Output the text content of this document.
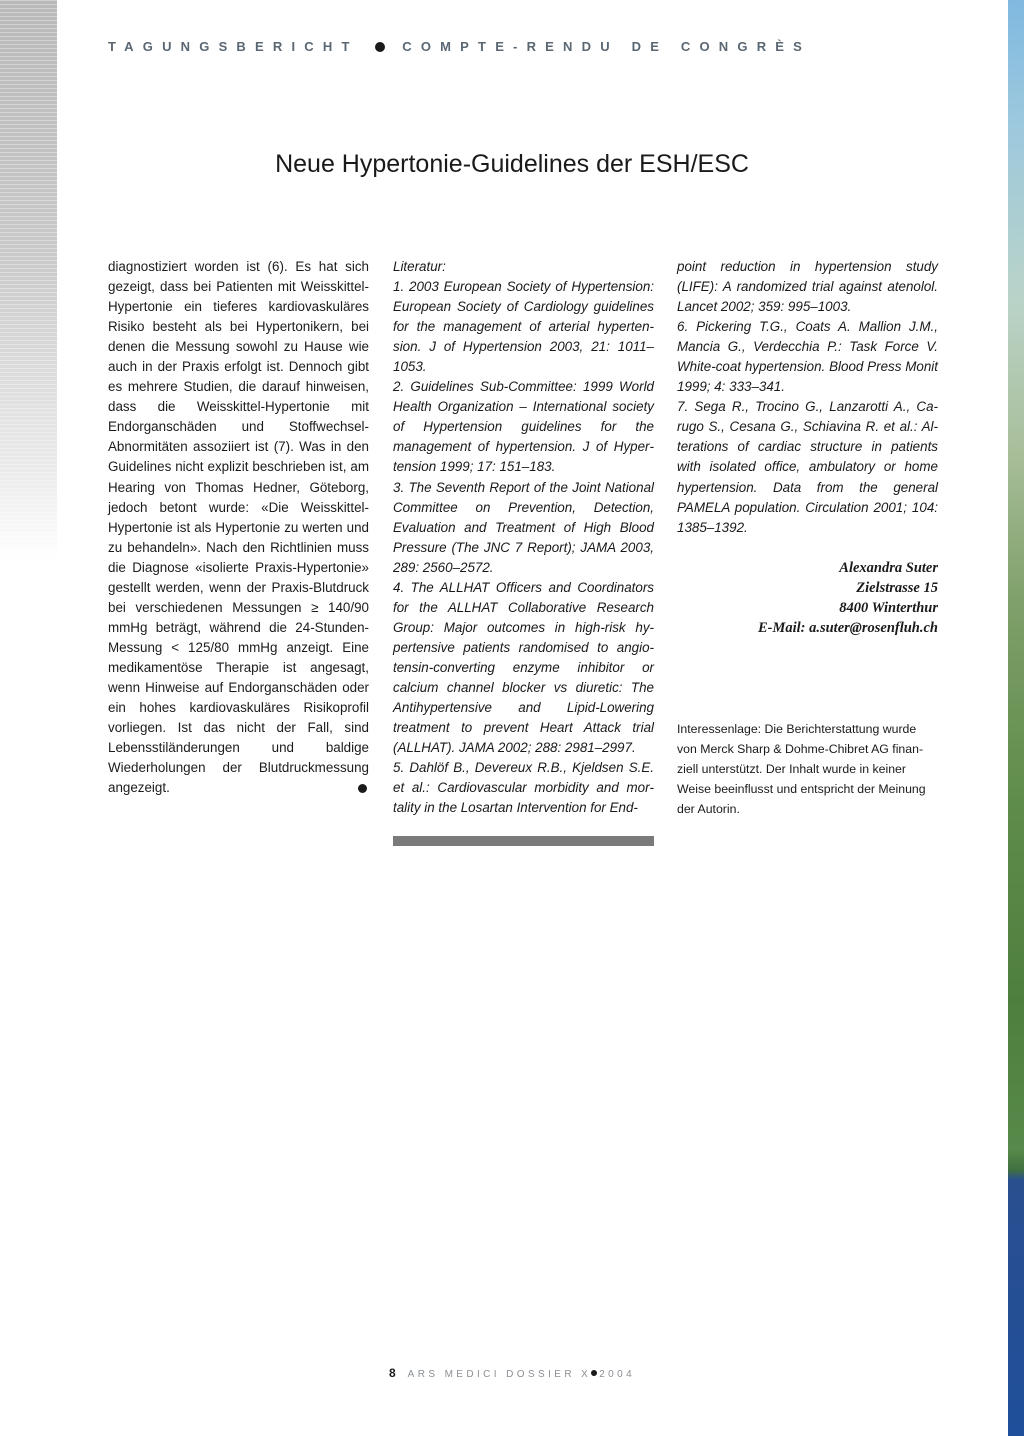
TAGUNGSBERICHT	COMPTE-RENDU DE CONGRÈS
Neue Hypertonie-Guidelines der ESH/ESC

diagnostiziert worden ist (6). Es hat sich gezeigt, dass bei Patienten mit Weisskittel-Hypertonie ein tieferes kardiovaskuläres Risiko besteht als bei Hypertonikern, bei denen die Messung sowohl zu Hause wie auch in der Praxis erfolgt ist. Dennoch gibt es mehrere Studien, die darauf hinweisen, dass die Weisskittel-Hypertonie mit Endorganschäden und Stoffwechsel-Abnormitäten assoziiert ist (7). Was in den Guidelines nicht explizit beschrieben ist, am Hearing von Thomas Hedner, Göteborg, jedoch betont wurde: «Die Weisskittel-Hypertonie ist als Hypertonie zu werten und zu behandeln». Nach den Richtlinien muss die Diagnose «isolierte Praxis-Hypertonie» gestellt werden, wenn der Praxis-Blutdruck bei verschiedenen Messungen ≥ 140/90 mmHg beträgt, während die 24-Stunden-Messung < 125/80 mmHg anzeigt. Eine medikamentöse Therapie ist angesagt, wenn Hinweise auf Endorganschäden oder ein hohes kardiovaskuläres Risikoprofil vorliegen. Ist das nicht der Fall, sind Lebensstiländerungen und baldige Wiederholungen der Blutdruckmessung angezeigt.

Literatur:

1. 2003 European Society of Hypertension: European Society of Cardiology guidelines for the management of arterial hypertension. J of Hypertension 2003, 21: 1011–1053.

2. Guidelines Sub-Committee: 1999 World Health Organization – International society of Hypertension guidelines for the management of hypertension. J of Hypertension 1999; 17: 151–183.

3. The Seventh Report of the Joint National Committee on Prevention, Detection, Evaluation and Treatment of High Blood Pressure (The JNC 7 Report); JAMA 2003, 289: 2560–2572.

4. The ALLHAT Officers and Coordinators for the ALLHAT Collaborative Research Group: Major outcomes in high-risk hypertensive patients randomised to angiotensin-converting enzyme inhibitor or calcium channel blocker vs diuretic: The Antihypertensive and Lipid-Lowering treatment to prevent Heart Attack trial (ALLHAT). JAMA 2002; 288: 2981–2997.

5. Dahlöf B., Devereux R.B., Kjeldsen S.E. et al.: Cardiovascular morbidity and mortality in the Losartan Intervention for End-

point reduction in hypertension study (LIFE): A randomized trial against atenolol. Lancet 2002; 359: 995–1003.

6. Pickering T.G., Coats A. Mallion J.M., Mancia G., Verdecchia P.: Task Force V. White-coat hypertension. Blood Press Monit 1999; 4: 333–341.

7. Sega R., Trocino G., Lanzarotti A., Carugo S., Cesana G., Schiavina R. et al.: Alterations of cardiac structure in patients with isolated office, ambulatory or home hypertension. Data from the general PAMELA population. Circulation 2001; 104: 1385–1392.

Alexandra Suter
Zielstrasse 15
8400 Winterthur
E-Mail: a.suter@rosenfluh.ch
Interessenlage: Die Berichterstattung wurde von Merck Sharp & Dohme-Chibret AG finanziell unterstützt. Der Inhalt wurde in keiner Weise beeinflusst und entspricht der Meinung der Autorin.
8 ARS MEDICI DOSSIER X 2004
